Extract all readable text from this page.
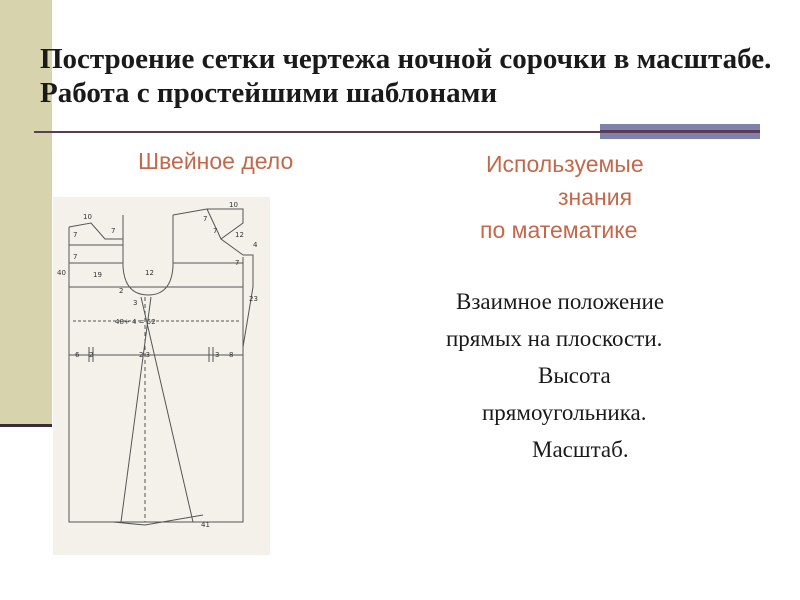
Построение сетки чертежа ночной сорочки в масштабе. Работа с простейшими шаблонами

Швейное дело	Используемые
знания
по математике

Взаимное положение
прямых на плоскости.
Высота
прямоугольника.
Масштаб.
10
7	7
7
10
7
7	12
4
7
40	19	12
2
23
3
48+ 4 = 52
6 2	2 3	3 8
41
